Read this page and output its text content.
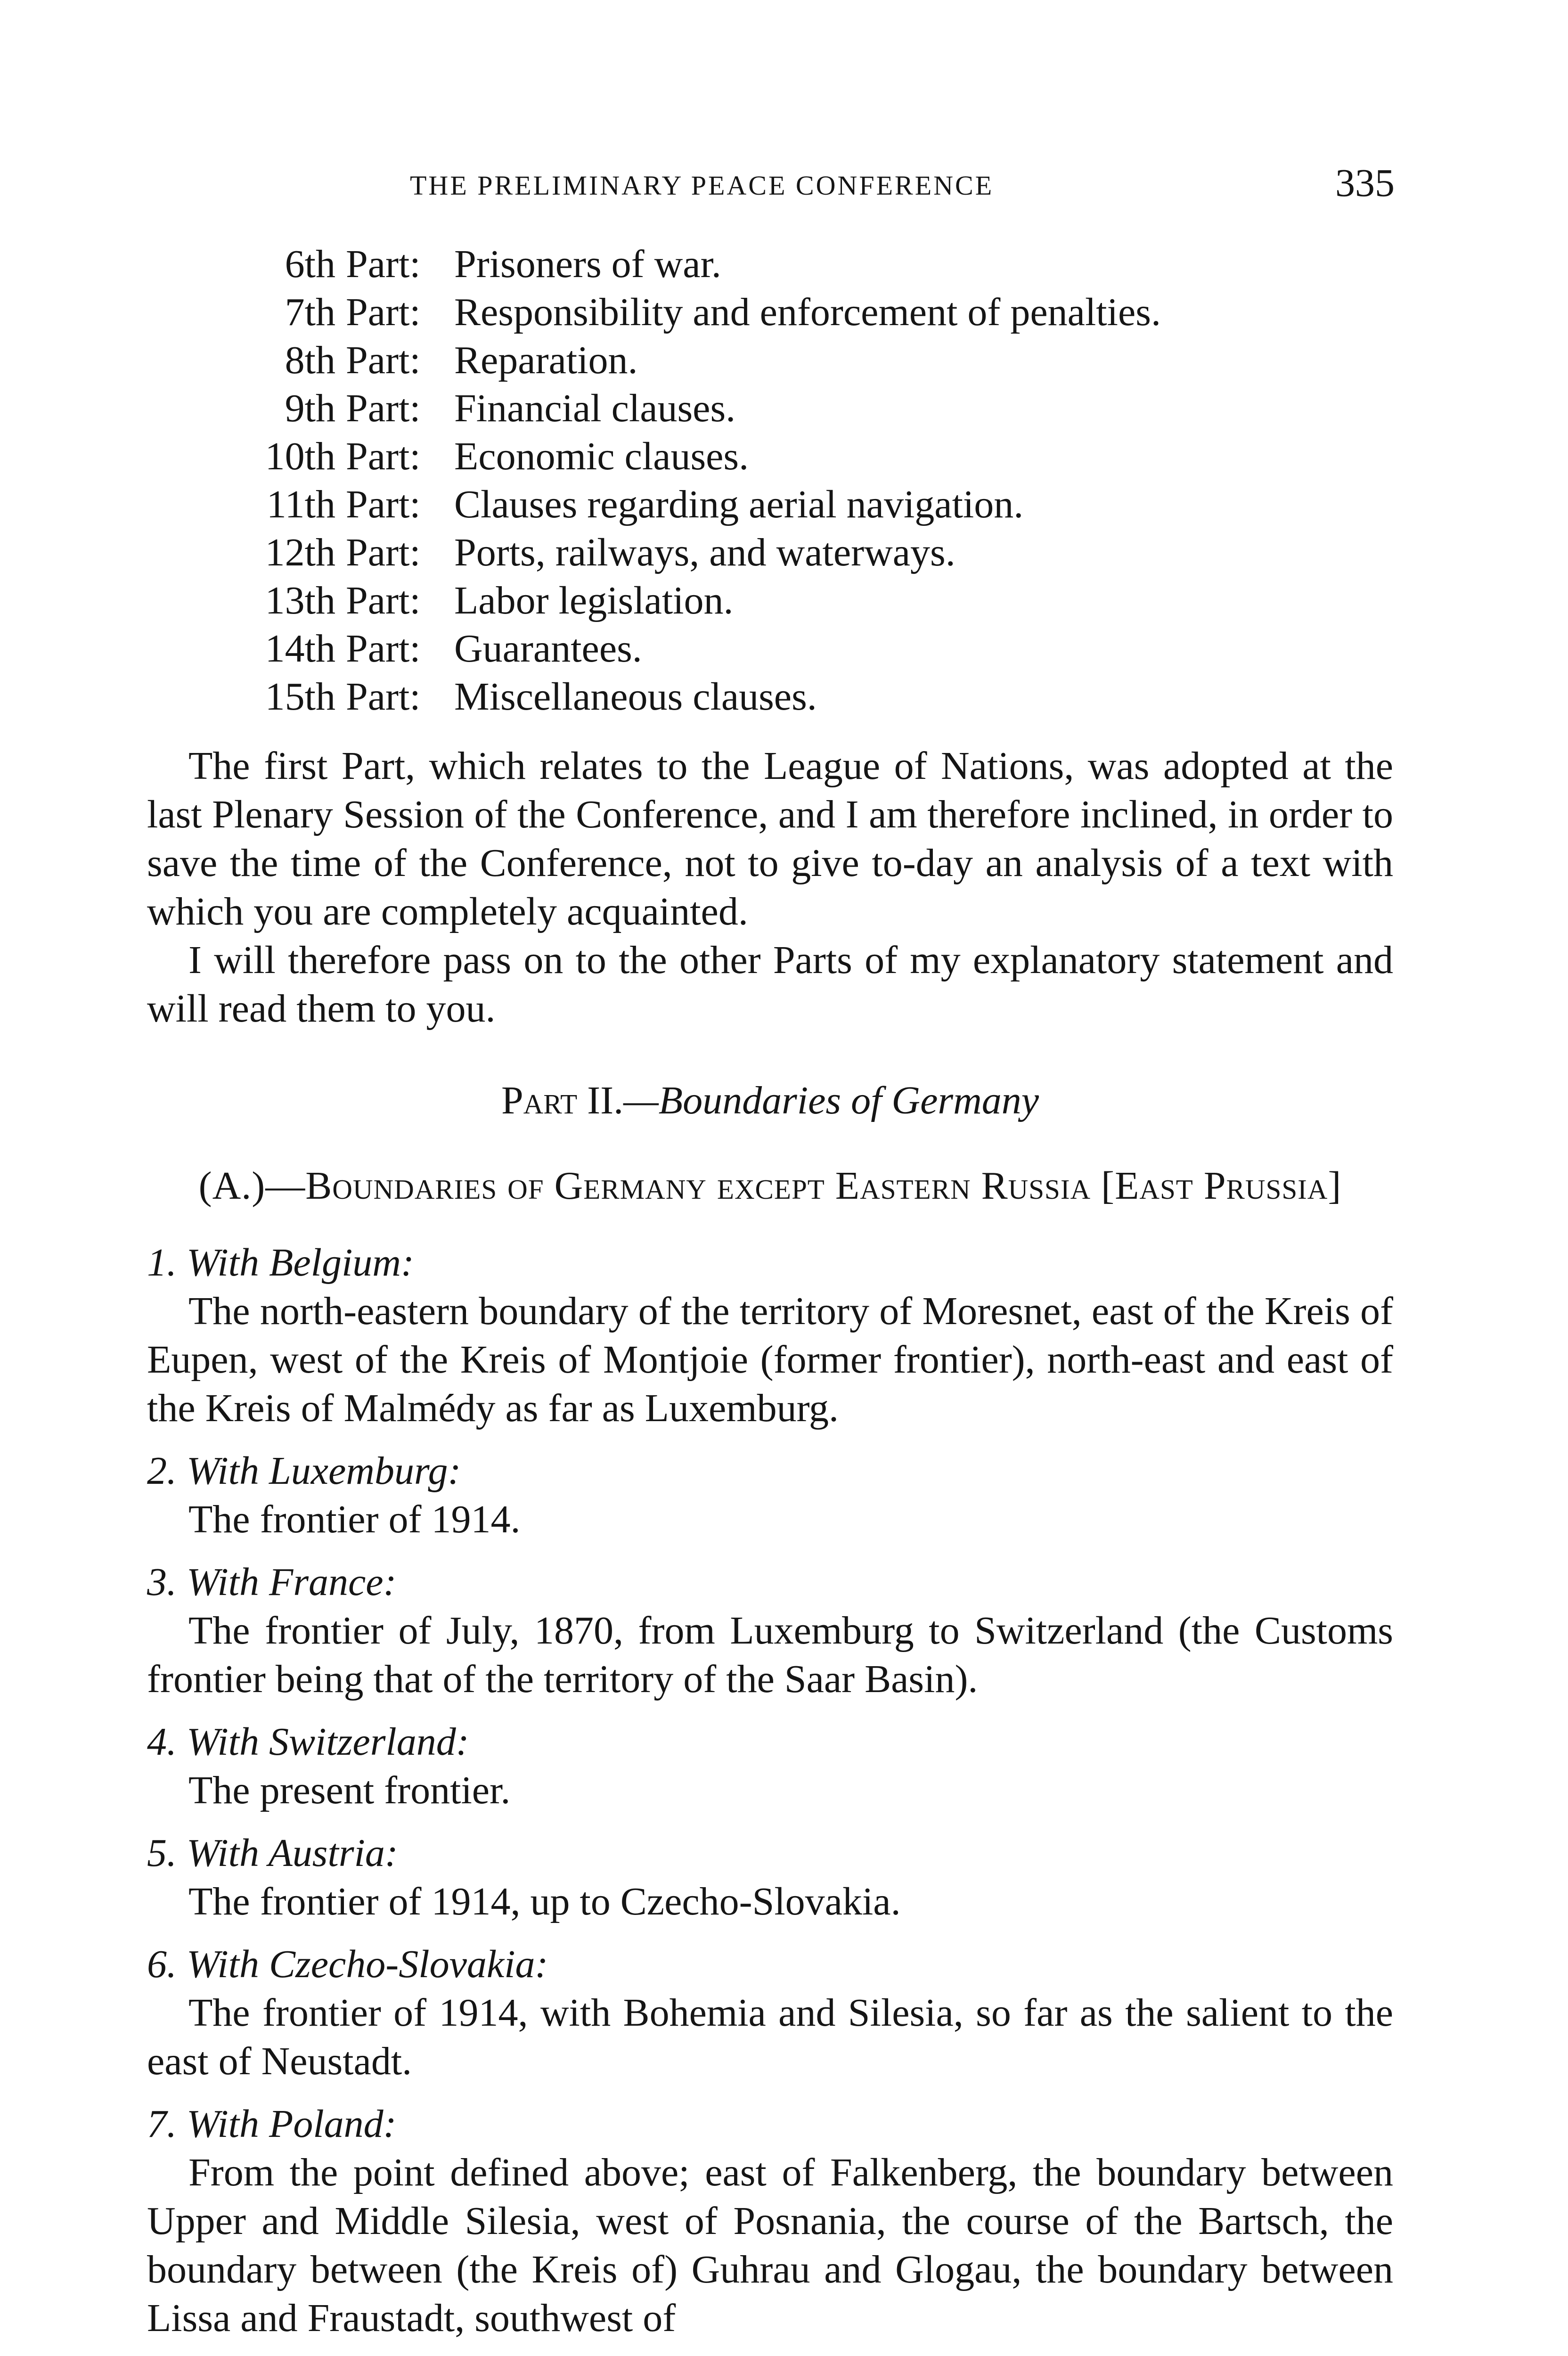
THE PRELIMINARY PEACE CONFERENCE	335
6th Part: Prisoners of war.
7th Part: Responsibility and enforcement of penalties.
8th Part: Reparation.
9th Part: Financial clauses.
10th Part: Economic clauses.
11th Part: Clauses regarding aerial navigation.
12th Part: Ports, railways, and waterways.
13th Part: Labor legislation.
14th Part: Guarantees.
15th Part: Miscellaneous clauses.

The first Part, which relates to the League of Nations, was adopted at the last Plenary Session of the Conference, and I am therefore inclined, in order to save the time of the Conference, not to give to-day an analysis of a text with which you are completely acquainted.

I will therefore pass on to the other Parts of my explanatory statement and will read them to you.

Part II.—Boundaries of Germany

(A.)—Boundaries of Germany except Eastern Russia [East Prussia]

1. With Belgium:

The north-eastern boundary of the territory of Moresnet, east of the Kreis of Eupen, west of the Kreis of Montjoie (former frontier), north-east and east of the Kreis of Malmédy as far as Luxemburg.

2. With Luxemburg:

The frontier of 1914.

3. With France:

The frontier of July, 1870, from Luxemburg to Switzerland (the Customs frontier being that of the territory of the Saar Basin).

4. With Switzerland:

The present frontier.

5. With Austria:

The frontier of 1914, up to Czecho-Slovakia.

6. With Czecho-Slovakia:

The frontier of 1914, with Bohemia and Silesia, so far as the salient to the east of Neustadt.

7. With Poland:

From the point defined above; east of Falkenberg, the boundary between Upper and Middle Silesia, west of Posnania, the course of the Bartsch, the boundary between (the Kreis of) Guhrau and Glogau, the boundary between Lissa and Fraustadt, southwest of
